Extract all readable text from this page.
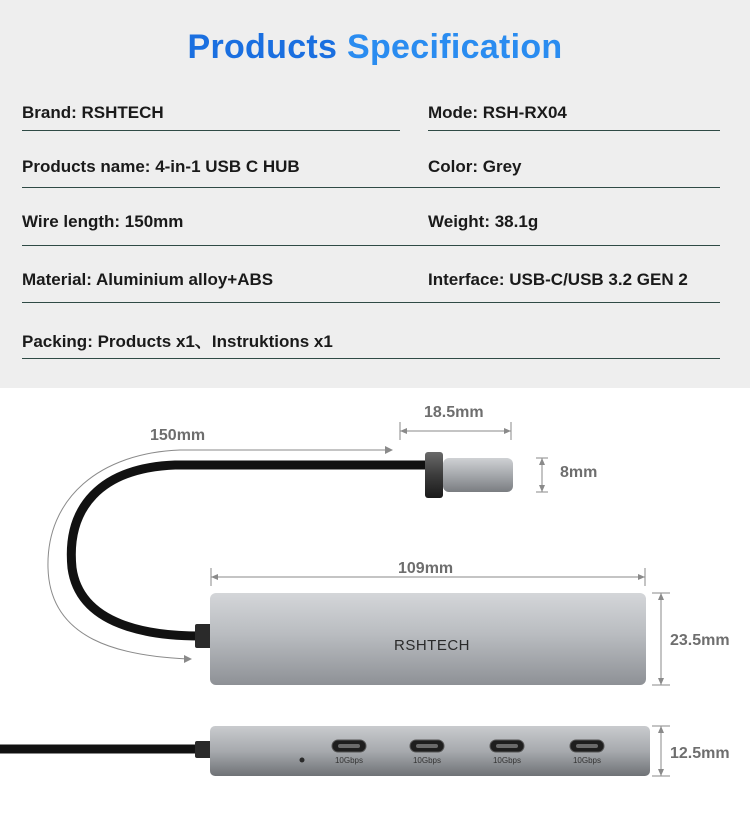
Products Specification
Brand: RSHTECH	Mode: RSH-RX04
Products name: 4-in-1 USB C HUB	Color: Grey
Wire length: 150mm	Weight: 38.1g
Material: Aluminium alloy+ABS	Interface: USB-C/USB 3.2 GEN 2
Packing: Products x1、Instruktions x1
150mm
18.5mm
8mm
RSHTECH
109mm
23.5mm
10Gbps	10Gbps	10Gbps	10Gbps	12.5mm
